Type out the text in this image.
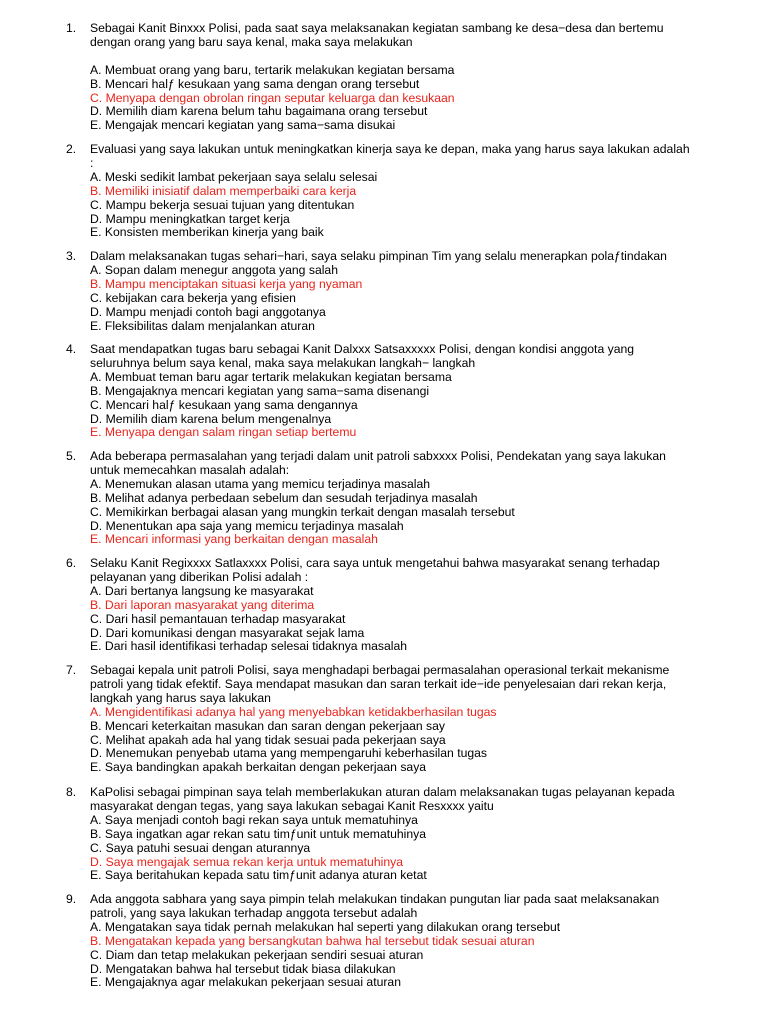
1. Sebagai Kanit Binxxx Polisi, pada saat saya melaksanakan kegiatan sambang ke desa−desa dan bertemu dengan orang yang baru saya kenal, maka saya melakukan
A. Membuat orang yang baru, tertarik melakukan kegiatan bersama
B. Mencari halƒ kesukaan yang sama dengan orang tersebut
C. Menyapa dengan obrolan ringan seputar keluarga dan kesukaan
D. Memilih diam karena belum tahu bagaimana orang tersebut
E. Mengajak mencari kegiatan yang sama−sama disukai
2. Evaluasi yang saya lakukan untuk meningkatkan kinerja saya ke depan, maka yang harus saya lakukan adalah :
A. Meski sedikit lambat pekerjaan saya selalu selesai
B. Memiliki inisiatif dalam memperbaiki cara kerja
C. Mampu bekerja sesuai tujuan yang ditentukan
D. Mampu meningkatkan target kerja
E. Konsisten memberikan kinerja yang baik
3. Dalam melaksanakan tugas sehari−hari, saya selaku pimpinan Tim yang selalu menerapkan polaƒtindakan
A. Sopan dalam menegur anggota yang salah
B. Mampu menciptakan situasi kerja yang nyaman
C. kebijakan cara bekerja yang efisien
D. Mampu menjadi contoh bagi anggotanya
E. Fleksibilitas dalam menjalankan aturan
4. Saat mendapatkan tugas baru sebagai Kanit Dalxxx Satsaxxxxx Polisi, dengan kondisi anggota yang seluruhnya belum saya kenal, maka saya melakukan langkah− langkah
A. Membuat teman baru agar tertarik melakukan kegiatan bersama
B. Mengajaknya mencari kegiatan yang sama−sama disenangi
C. Mencari halƒ kesukaan yang sama dengannya
D. Memilih diam karena belum mengenalnya
E. Menyapa dengan salam ringan setiap bertemu
5. Ada beberapa permasalahan yang terjadi dalam unit patroli sabxxxx Polisi, Pendekatan yang saya lakukan untuk memecahkan masalah adalah:
A. Menemukan alasan utama yang memicu terjadinya masalah
B. Melihat adanya perbedaan sebelum dan sesudah terjadinya masalah
C. Memikirkan berbagai alasan yang mungkin terkait dengan masalah tersebut
D. Menentukan apa saja yang memicu terjadinya masalah
E. Mencari informasi yang berkaitan dengan masalah
6. Selaku Kanit Regixxxx Satlaxxxx Polisi, cara saya untuk mengetahui bahwa masyarakat senang terhadap pelayanan yang diberikan Polisi adalah :
A. Dari bertanya langsung ke masyarakat
B. Dari laporan masyarakat yang diterima
C. Dari hasil pemantauan terhadap masyarakat
D. Dari komunikasi dengan masyarakat sejak lama
E. Dari hasil identifikasi terhadap selesai tidaknya masalah
7. Sebagai kepala unit patroli Polisi, saya menghadapi berbagai permasalahan operasional terkait mekanisme patroli yang tidak efektif. Saya mendapat masukan dan saran terkait ide−ide penyelesaian dari rekan kerja, langkah yang harus saya lakukan
A. Mengidentifikasi adanya hal yang menyebabkan ketidakberhasilan tugas
B. Mencari keterkaitan masukan dan saran dengan pekerjaan say
C. Melihat apakah ada hal yang tidak sesuai pada pekerjaan saya
D. Menemukan penyebab utama yang mempengaruhi keberhasilan tugas
E. Saya bandingkan apakah berkaitan dengan pekerjaan saya
8. KaPolisi sebagai pimpinan saya telah memberlakukan aturan dalam melaksanakan tugas pelayanan kepada masyarakat dengan tegas, yang saya lakukan sebagai Kanit Resxxxx yaitu
A. Saya menjadi contoh bagi rekan saya untuk mematuhinya
B. Saya ingatkan agar rekan satu timƒunit untuk mematuhinya
C. Saya patuhi sesuai dengan aturannya
D. Saya mengajak semua rekan kerja untuk mematuhinya
E. Saya beritahukan kepada satu timƒunit adanya aturan ketat
9. Ada anggota sabhara yang saya pimpin telah melakukan tindakan pungutan liar pada saat melaksanakan patroli, yang saya lakukan terhadap anggota tersebut adalah
A. Mengatakan saya tidak pernah melakukan hal seperti yang dilakukan orang tersebut
B. Mengatakan kepada yang bersangkutan bahwa hal tersebut tidak sesuai aturan
C. Diam dan tetap melakukan pekerjaan sendiri sesuai aturan
D. Mengatakan bahwa hal tersebut tidak biasa dilakukan
E. Mengajaknya agar melakukan pekerjaan sesuai aturan
